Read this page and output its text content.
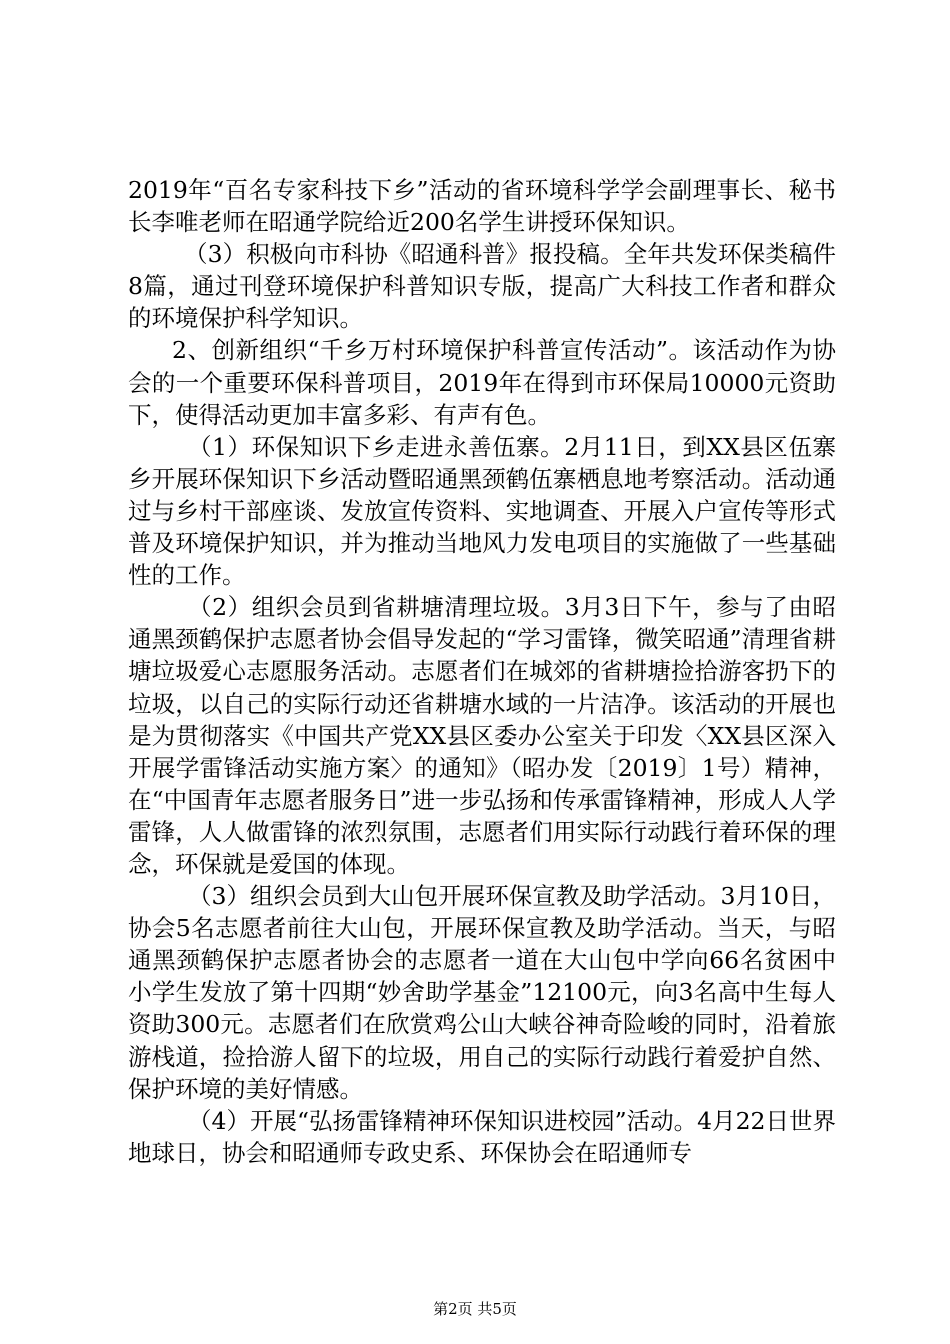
2019年“百名专家科技下乡”活动的省环境科学学会副理事长、秘书长李唯老师在昭通学院给近200名学生讲授环保知识。

（3）积极向市科协《昭通科普》报投稿。全年共发环保类稿件8篇，通过刊登环境保护科普知识专版，提高广大科技工作者和群众的环境保护科学知识。

2、创新组织“千乡万村环境保护科普宣传活动”。该活动作为协会的一个重要环保科普项目，2019年在得到市环保局10000元资助下，使得活动更加丰富多彩、有声有色。

（1）环保知识下乡走进永善伍寨。2月11日，到XX县区伍寨乡开展环保知识下乡活动暨昭通黑颈鹤伍寨栖息地考察活动。活动通过与乡村干部座谈、发放宣传资料、实地调查、开展入户宣传等形式普及环境保护知识，并为推动当地风力发电项目的实施做了一些基础性的工作。

（2）组织会员到省耕塘清理垃圾。3月3日下午，参与了由昭通黑颈鹤保护志愿者协会倡导发起的“学习雷锋，微笑昭通”清理省耕塘垃圾爱心志愿服务活动。志愿者们在城郊的省耕塘捡拾游客扔下的垃圾，以自己的实际行动还省耕塘水域的一片洁净。该活动的开展也是为贯彻落实《中国共产党XX县区委办公室关于印发〈XX县区深入开展学雷锋活动实施方案〉的通知》（昭办发〔2019〕1号）精神，在“中国青年志愿者服务日”进一步弘扬和传承雷锋精神，形成人人学雷锋，人人做雷锋的浓烈氛围，志愿者们用实际行动践行着环保的理念，环保就是爱国的体现。

（3）组织会员到大山包开展环保宣教及助学活动。3月10日，协会5名志愿者前往大山包，开展环保宣教及助学活动。当天，与昭通黑颈鹤保护志愿者协会的志愿者一道在大山包中学向66名贫困中小学生发放了第十四期“妙舍助学基金”12100元，向3名高中生每人资助300元。志愿者们在欣赏鸡公山大峡谷神奇险峻的同时，沿着旅游栈道，捡拾游人留下的垃圾，用自己的实际行动践行着爱护自然、保护环境的美好情感。

（4）开展“弘扬雷锋精神环保知识进校园”活动。4月22日世界地球日，协会和昭通师专政史系、环保协会在昭通师专

第2页 共5页
